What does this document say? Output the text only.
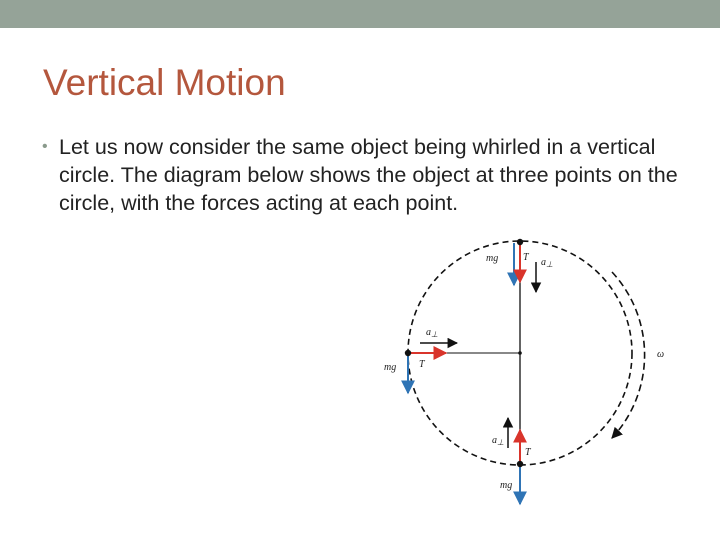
Vertical Motion
• Let us now consider the same object being whirled in a vertical circle. The diagram below shows the object at three points on the circle, with the forces acting at each point.
mg T $a_\perp$
$a_\perp$
mg T
$a_\perp$
T
mg
ω
